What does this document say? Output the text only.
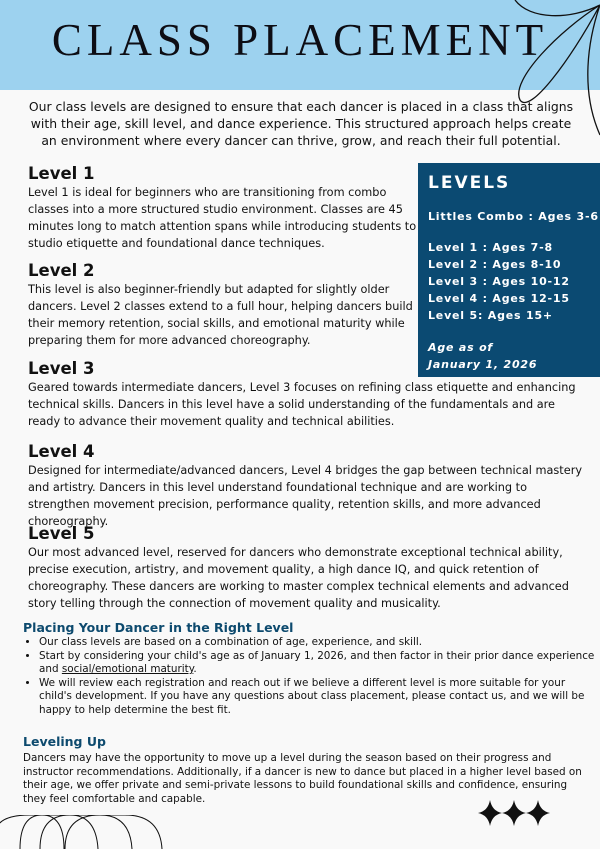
CLASS PLACEMENT

Our class levels are designed to ensure that each dancer is placed in a class that aligns with their age, skill level, and dance experience. This structured approach helps create an environment where every dancer can thrive, grow, and reach their full potential.

Level 1

Level 1 is ideal for beginners who are transitioning from combo classes into a more structured studio environment. Classes are 45 minutes long to match attention spans while introducing students to studio etiquette and foundational dance techniques.

Level 2

This level is also beginner-friendly but adapted for slightly older dancers. Level 2 classes extend to a full hour, helping dancers build their memory retention, social skills, and emotional maturity while preparing them for more advanced choreography.

Level 3

Geared towards intermediate dancers, Level 3 focuses on refining class etiquette and enhancing technical skills. Dancers in this level have a solid understanding of the fundamentals and are ready to advance their movement quality and technical abilities.

Level 4

Designed for intermediate/advanced dancers, Level 4 bridges the gap between technical mastery and artistry. Dancers in this level understand foundational technique and are working to strengthen movement precision, performance quality, retention skills, and more advanced choreography.

Level 5

Our most advanced level, reserved for dancers who demonstrate exceptional technical ability, precise execution, artistry, and movement quality, a high dance IQ, and quick retention of choreography. These dancers are working to master complex technical elements and advanced story telling through the connection of movement quality and musicality.

LEVELS
Littles Combo : Ages 3-6
Level 1 : Ages 7-8
Level 2 : Ages 8-10
Level 3 : Ages 10-12
Level 4 : Ages 12-15
Level 5: Ages 15+
Age as of
January 1, 2026
Placing Your Dancer in the Right Level
• Our class levels are based on a combination of age, experience, and skill.
• Start by considering your child's age as of January 1, 2026, and then factor in their prior dance experience and social/emotional maturity.
• We will review each registration and reach out if we believe a different level is more suitable for your child's development. If you have any questions about class placement, please contact us, and we will be happy to help determine the best fit.
Leveling Up

Dancers may have the opportunity to move up a level during the season based on their progress and instructor recommendations. Additionally, if a dancer is new to dance but placed in a higher level based on their age, we offer private and semi-private lessons to build foundational skills and confidence, ensuring they feel comfortable and capable.
